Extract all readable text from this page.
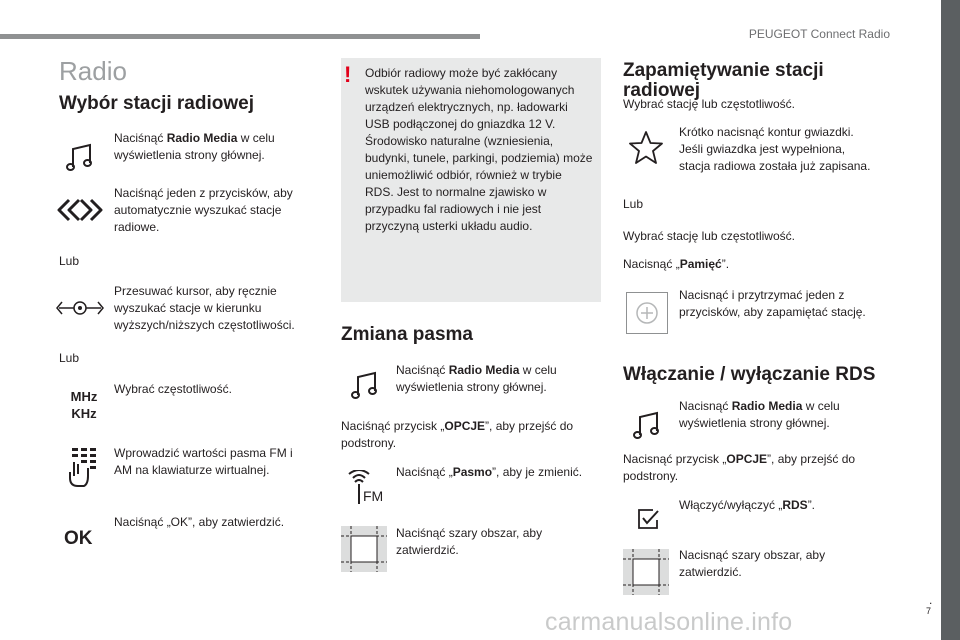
PEUGEOT Connect Radio
.
7
carmanualsonline.info
Radio
Wybór stacji radiowej
Naciśnąć Radio Media w celu wyświetlenia strony głównej.
Naciśnąć jeden z przycisków, aby automatycznie wyszukać stacje radiowe.
Lub
Przesuwać kursor, aby ręcznie wyszukać stacje w kierunku wyższych/niższych częstotliwości.
Lub
MHz
KHz
Wybrać częstotliwość.
Wprowadzić wartości pasma FM i AM na klawiaturze wirtualnej.
OK
Naciśnąć „OK”, aby zatwierdzić.
! Odbiór radiowy może być zakłócany wskutek używania niehomologowanych urządzeń elektrycznych, np. ładowarki USB podłączonej do gniazdka 12 V. Środowisko naturalne (wzniesienia, budynki, tunele, parkingi, podziemia) może uniemożliwić odbiór, również w trybie RDS. Jest to normalne zjawisko w przypadku fal radiowych i nie jest przyczyną usterki układu audio.
Zmiana pasma
Naciśnąć Radio Media w celu wyświetlenia strony głównej.
Naciśnąć przycisk „OPCJE”, aby przejść do podstrony.
FM
Naciśnąć „Pasmo”, aby je zmienić.
Naciśnąć szary obszar, aby zatwierdzić.
Zapamiętywanie stacji radiowej
Wybrać stację lub częstotliwość.
Krótko nacisnąć kontur gwiazdki. Jeśli gwiazdka jest wypełniona, stacja radiowa została już zapisana.
Lub
Wybrać stację lub częstotliwość.
Nacisnąć „Pamięć”.
Nacisnąć i przytrzymać jeden z przycisków, aby zapamiętać stację.
Włączanie / wyłączanie RDS
Nacisnąć Radio Media w celu wyświetlenia strony głównej.
Nacisnąć przycisk „OPCJE”, aby przejść do podstrony.
Włączyć/wyłączyć „RDS”.
Nacisnąć szary obszar, aby zatwierdzić.
